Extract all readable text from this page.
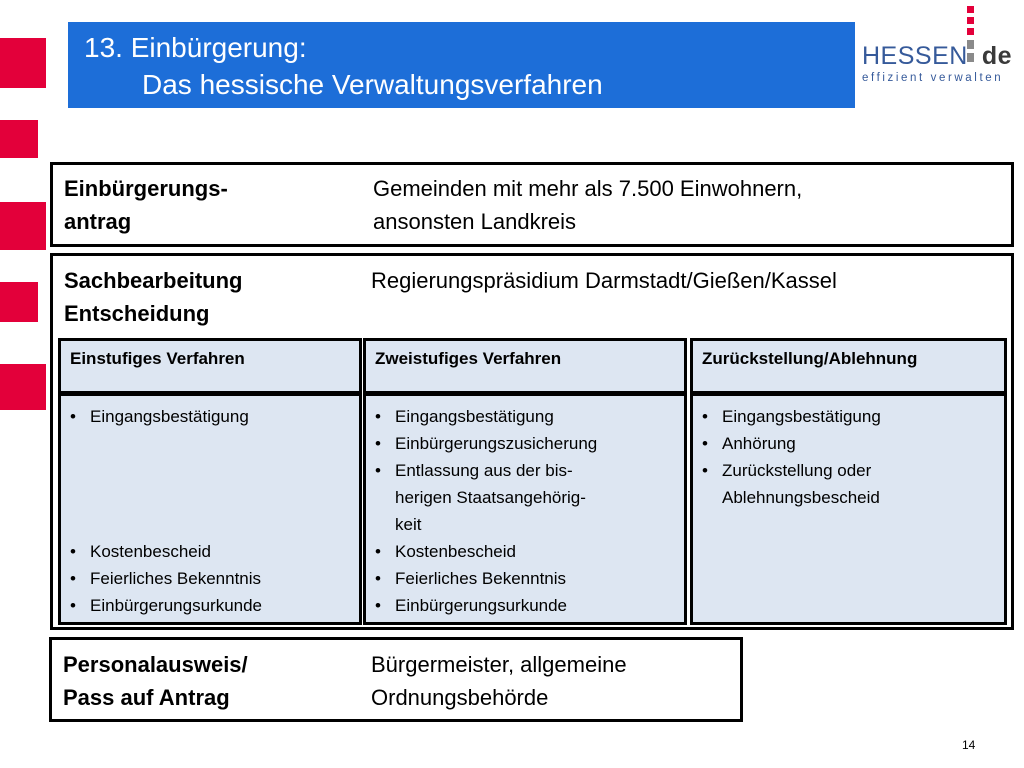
13. Einbürgerung:
Das hessische Verwaltungsverfahren
HESSEN de
effizient verwalten
Einbürgerungs-
antrag
Gemeinden mit mehr als 7.500 Einwohnern,
ansonsten Landkreis
Sachbearbeitung
Entscheidung
Regierungspräsidium Darmstadt/Gießen/Kassel
Einstufiges Verfahren
• Eingangsbestätigung
• Kostenbescheid
• Feierliches Bekenntnis
• Einbürgerungsurkunde
Zweistufiges Verfahren
• Eingangsbestätigung
• Einbürgerungszusicherung
• Entlassung aus der bis-
herigen Staatsangehörig-
keit
• Kostenbescheid
• Feierliches Bekenntnis
• Einbürgerungsurkunde
Zurückstellung/Ablehnung
• Eingangsbestätigung
• Anhörung
• Zurückstellung oder
Ablehnungsbescheid
Personalausweis/
Pass auf Antrag
Bürgermeister, allgemeine
Ordnungsbehörde
14
